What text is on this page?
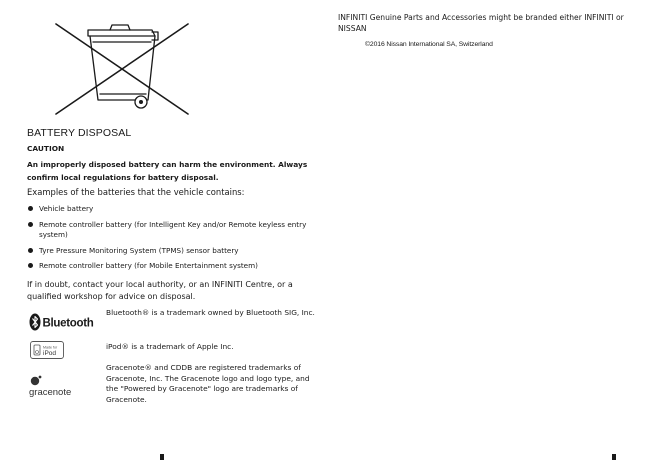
BATTERY DISPOSAL
CAUTION
An improperly disposed battery can harm the environment. Always confirm local regulations for battery disposal.
Examples of the batteries that the vehicle contains:
Vehicle battery
Remote controller battery (for Intelligent Key and/or Remote keyless entry system)
Tyre Pressure Monitoring System (TPMS) sensor battery
Remote controller battery (for Mobile Entertainment system)
If in doubt, contact your local authority, or an INFINITI Centre, or a qualified workshop for advice on disposal.
Bluetooth
Bluetooth® is a trademark owned by Bluetooth SIG, Inc.
Made for
iPod
iPod® is a trademark of Apple Inc.
gracenote
Gracenote® and CDDB are registered trademarks of Gracenote, Inc. The Gracenote logo and logo type, and the "Powered by Gracenote" logo are trademarks of Gracenote.
INFINITI Genuine Parts and Accessories might be branded either INFINITI or NISSAN
©2016 Nissan International SA, Switzerland
